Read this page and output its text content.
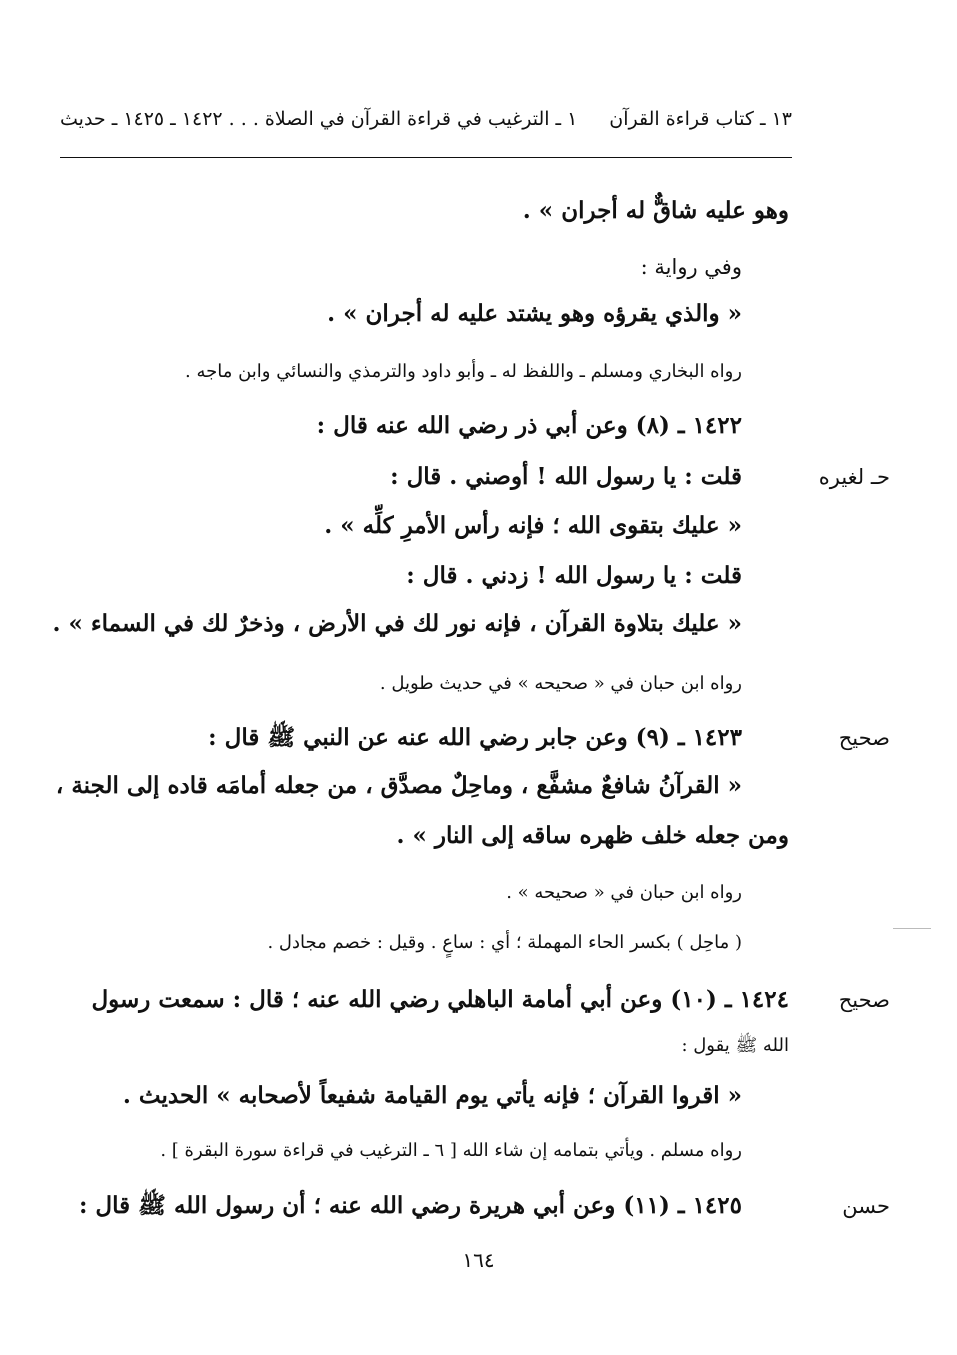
١٣ ـ كتاب قراءة القرآن
١ ـ الترغيب في قراءة القرآن في الصلاة . . . ١٤٢٢ ـ ١٤٢٥ ـ حديث
وهو عليه شاقٌّ له أجران » .
وفي رواية :
« والذي يقرؤه وهو يشتد عليه له أجران » .
رواه البخاري ومسلم ـ واللفظ له ـ وأبو داود والترمذي والنسائي وابن ماجه .
١٤٢٢ ـ (٨) وعن أبي ذر رضي الله عنه قال :
حـ لغيره
قلت : يا رسول الله ! أوصني . قال :
« عليك بتقوى الله ؛ فإنه رأس الأمرِ كلِّه » .
قلت : يا رسول الله ! زدني . قال :
« عليك بتلاوة القرآن ، فإنه نور لك في الأرض ، وذخرٌ لك في السماء » .
رواه ابن حبان في « صحيحه » في حديث طويل .
صحيح
١٤٢٣ ـ (٩) وعن جابر رضي الله عنه عن النبي ﷺ قال :
« القرآنُ شافعٌ مشفَّع ، وماحِلٌ مصدَّق ، من جعله أمامَه قاده إلى الجنة ،
ومن جعله خلف ظهره ساقه إلى النار » .
رواه ابن حبان في « صحيحه » .
( ماحِل ) بكسر الحاء المهملة ؛ أي : ساعٍ . وقيل : خصم مجادل .
صحيح
١٤٢٤ ـ (١٠) وعن أبي أمامة الباهلي رضي الله عنه ؛ قال : سمعت رسول
الله ﷺ يقول :
« اقروا القرآن ؛ فإنه يأتي يوم القيامة شفيعاً لأصحابه » الحديث .
رواه مسلم . ويأتي بتمامه إن شاء الله [ ٦ ـ الترغيب في قراءة سورة البقرة ] .
حسن
١٤٢٥ ـ (١١) وعن أبي هريرة رضي الله عنه ؛ أن رسول الله ﷺ قال :
١٦٤
